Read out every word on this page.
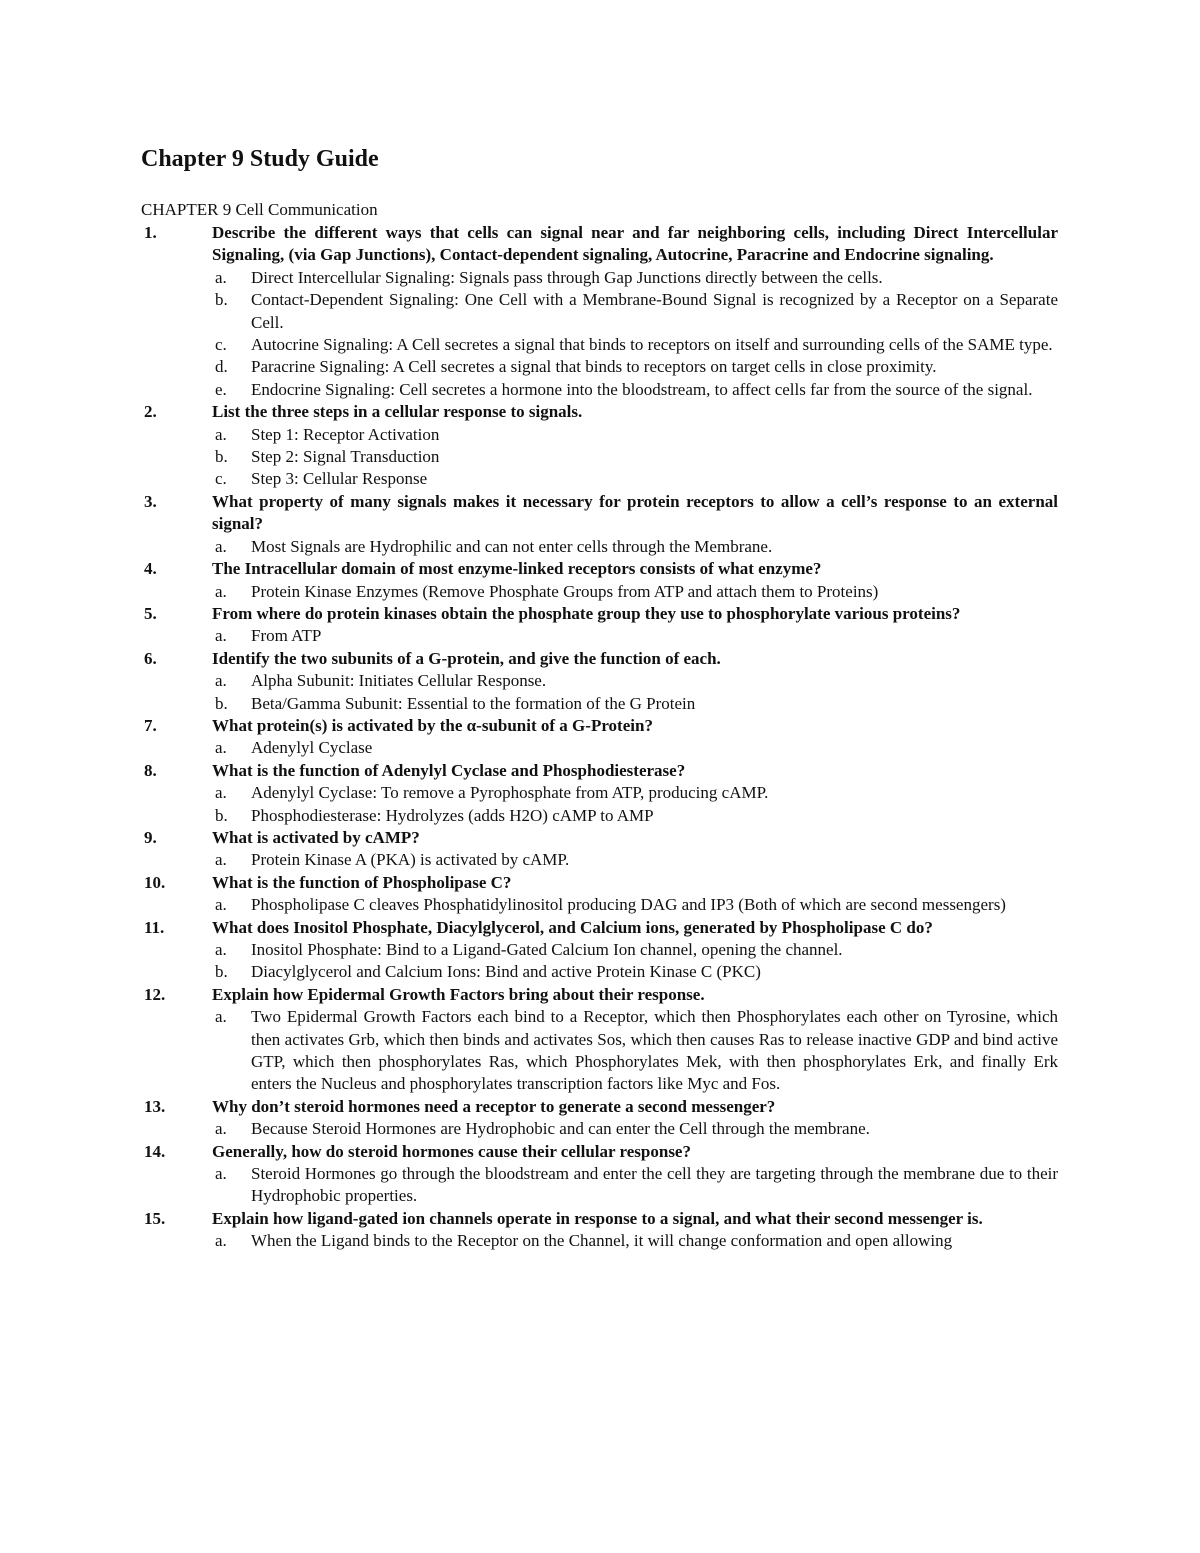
Chapter 9 Study Guide

CHAPTER 9 Cell Communication

1.	Describe the different ways that cells can signal near and far neighboring cells, including Direct Intercellular Signaling, (via Gap Junctions), Contact-dependent signaling, Autocrine, Paracrine and Endocrine signaling.
a. Direct Intercellular Signaling: Signals pass through Gap Junctions directly between the cells.
b. Contact-Dependent Signaling: One Cell with a Membrane-Bound Signal is recognized by a Receptor on a Separate Cell.
c. Autocrine Signaling: A Cell secretes a signal that binds to receptors on itself and surrounding cells of the SAME type.
d. Paracrine Signaling: A Cell secretes a signal that binds to receptors on target cells in close proximity.
e. Endocrine Signaling: Cell secretes a hormone into the bloodstream, to affect cells far from the source of the signal.
2.	List the three steps in a cellular response to signals.
a. Step 1: Receptor Activation
b. Step 2: Signal Transduction
c. Step 3: Cellular Response
3.	What property of many signals makes it necessary for protein receptors to allow a cell’s response to an external signal?
a. Most Signals are Hydrophilic and can not enter cells through the Membrane.
4.	The Intracellular domain of most enzyme-linked receptors consists of what enzyme?
a. Protein Kinase Enzymes (Remove Phosphate Groups from ATP and attach them to Proteins)
5.	From where do protein kinases obtain the phosphate group they use to phosphorylate various proteins?
a. From ATP
6.	Identify the two subunits of a G-protein, and give the function of each.
a. Alpha Subunit: Initiates Cellular Response.
b. Beta/Gamma Subunit: Essential to the formation of the G Protein
7.	What protein(s) is activated by the α-subunit of a G-Protein?
a. Adenylyl Cyclase
8.	What is the function of Adenylyl Cyclase and Phosphodiesterase?
a. Adenylyl Cyclase: To remove a Pyrophosphate from ATP, producing cAMP.
b. Phosphodiesterase: Hydrolyzes (adds H2O) cAMP to AMP
9.	What is activated by cAMP?
a. Protein Kinase A (PKA) is activated by cAMP.
10.	What is the function of Phospholipase C?
a. Phospholipase C cleaves Phosphatidylinositol producing DAG and IP3 (Both of which are second messengers)
11.	What does Inositol Phosphate, Diacylglycerol, and Calcium ions, generated by Phospholipase C do?
a. Inositol Phosphate: Bind to a Ligand-Gated Calcium Ion channel, opening the channel.
b. Diacylglycerol and Calcium Ions: Bind and active Protein Kinase C (PKC)
12.	Explain how Epidermal Growth Factors bring about their response.
a. Two Epidermal Growth Factors each bind to a Receptor, which then Phosphorylates each other on Tyrosine, which then activates Grb, which then binds and activates Sos, which then causes Ras to release inactive GDP and bind active GTP, which then phosphorylates Ras, which Phosphorylates Mek, with then phosphorylates Erk, and finally Erk enters the Nucleus and phosphorylates transcription factors like Myc and Fos.
13.	Why don’t steroid hormones need a receptor to generate a second messenger?
a. Because Steroid Hormones are Hydrophobic and can enter the Cell through the membrane.
14.	Generally, how do steroid hormones cause their cellular response?
a. Steroid Hormones go through the bloodstream and enter the cell they are targeting through the membrane due to their Hydrophobic properties.
15.	Explain how ligand-gated ion channels operate in response to a signal, and what their second messenger is.
a. When the Ligand binds to the Receptor on the Channel, it will change conformation and open allowing
